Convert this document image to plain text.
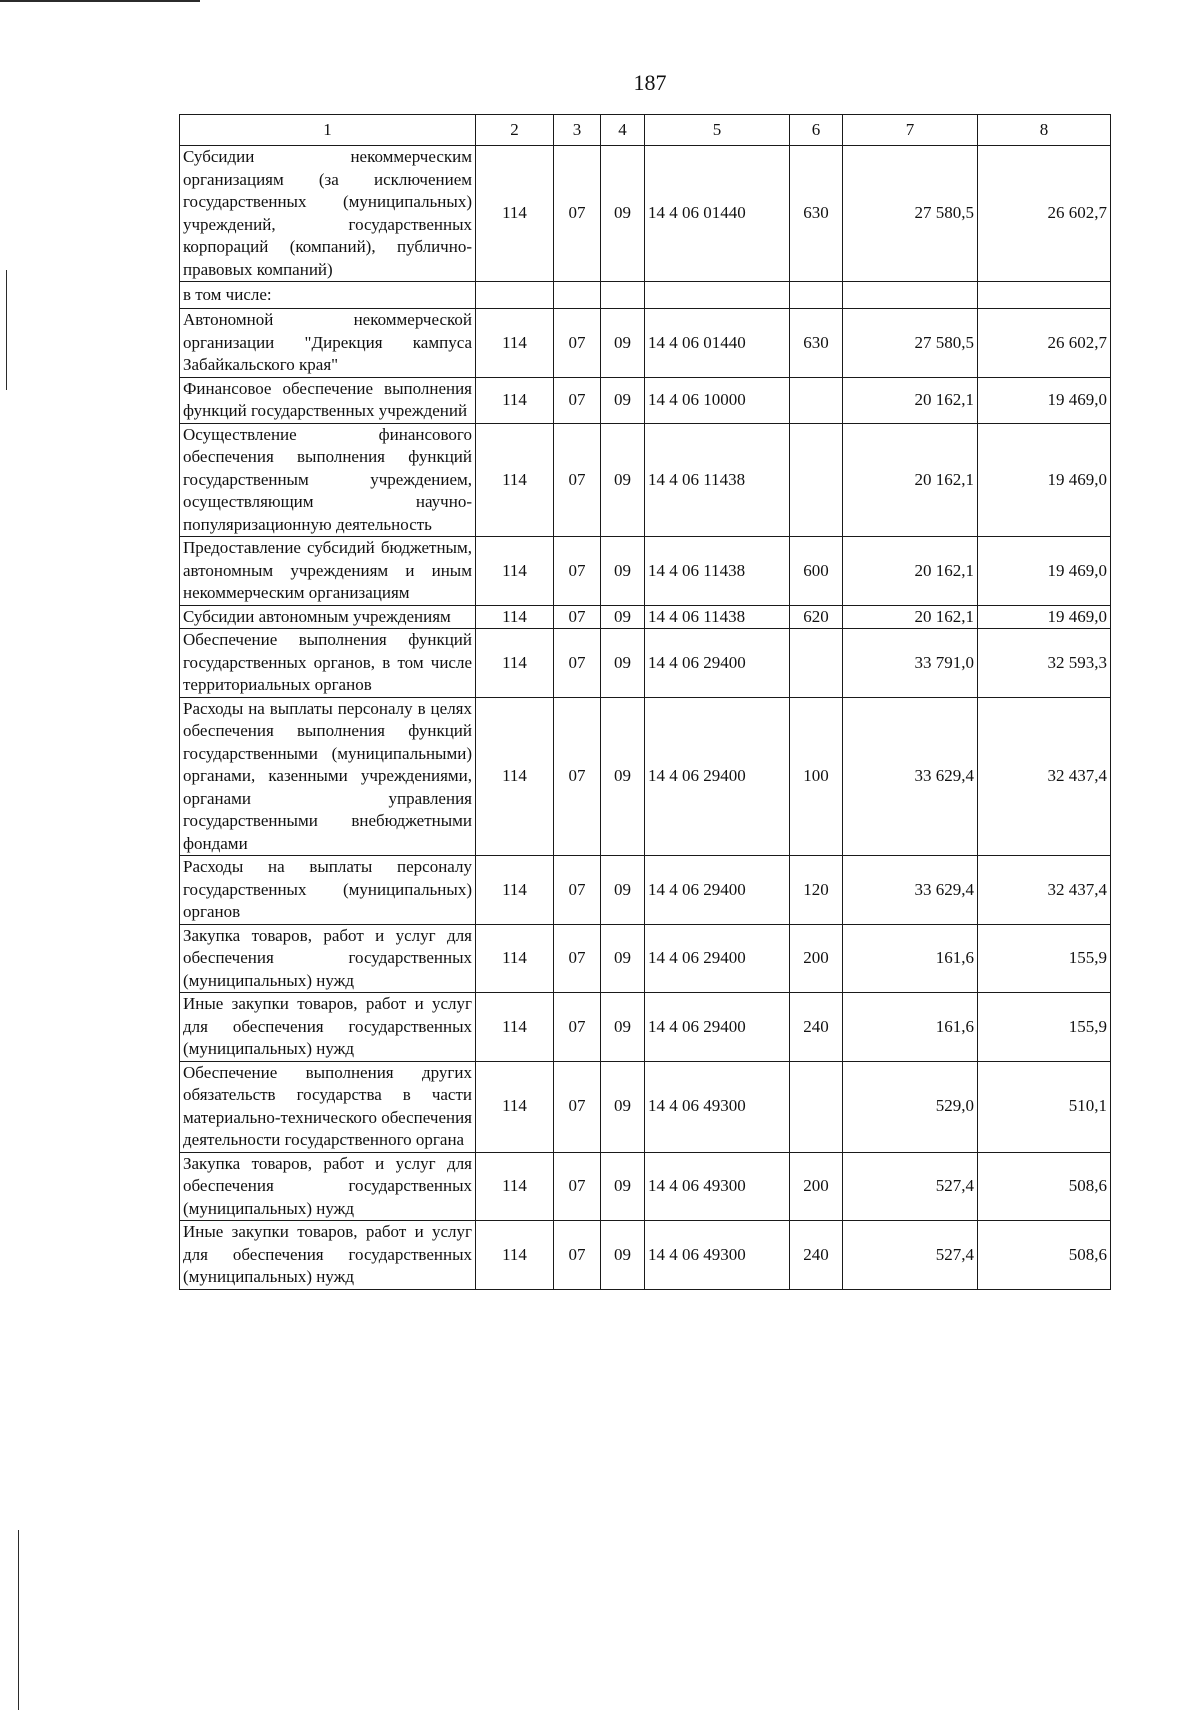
187
1	2	3	4	5	6	7	8
Субсидии некоммерческим организациям (за исключением государственных (муниципальных) учреждений, государственных корпораций (компаний), публично-правовых компаний)	114	07	09	14 4 06 01440	630	27 580,5	26 602,7
в том числе:							
Автономной некоммерческой организации "Дирекция кампуса Забайкальского края"	114	07	09	14 4 06 01440	630	27 580,5	26 602,7
Финансовое обеспечение выполнения функций государственных учреждений	114	07	09	14 4 06 10000		20 162,1	19 469,0
Осуществление финансового обеспечения выполнения функций государственным учреждением, осуществляющим научно-популяризационную деятельность	114	07	09	14 4 06 11438		20 162,1	19 469,0
Предоставление субсидий бюджетным, автономным учреждениям и иным некоммерческим организациям	114	07	09	14 4 06 11438	600	20 162,1	19 469,0
Субсидии автономным учреждениям	114	07	09	14 4 06 11438	620	20 162,1	19 469,0
Обеспечение выполнения функций государственных органов, в том числе территориальных органов	114	07	09	14 4 06 29400		33 791,0	32 593,3
Расходы на выплаты персоналу в целях обеспечения выполнения функций государственными (муниципальными) органами, казенными учреждениями, органами управления государственными внебюджетными фондами	114	07	09	14 4 06 29400	100	33 629,4	32 437,4
Расходы на выплаты персоналу государственных (муниципальных) органов	114	07	09	14 4 06 29400	120	33 629,4	32 437,4
Закупка товаров, работ и услуг для обеспечения государственных (муниципальных) нужд	114	07	09	14 4 06 29400	200	161,6	155,9
Иные закупки товаров, работ и услуг для обеспечения государственных (муниципальных) нужд	114	07	09	14 4 06 29400	240	161,6	155,9
Обеспечение выполнения других обязательств государства в части материально-технического обеспечения деятельности государственного органа	114	07	09	14 4 06 49300		529,0	510,1
Закупка товаров, работ и услуг для обеспечения государственных (муниципальных) нужд	114	07	09	14 4 06 49300	200	527,4	508,6
Иные закупки товаров, работ и услуг для обеспечения государственных (муниципальных) нужд	114	07	09	14 4 06 49300	240	527,4	508,6
